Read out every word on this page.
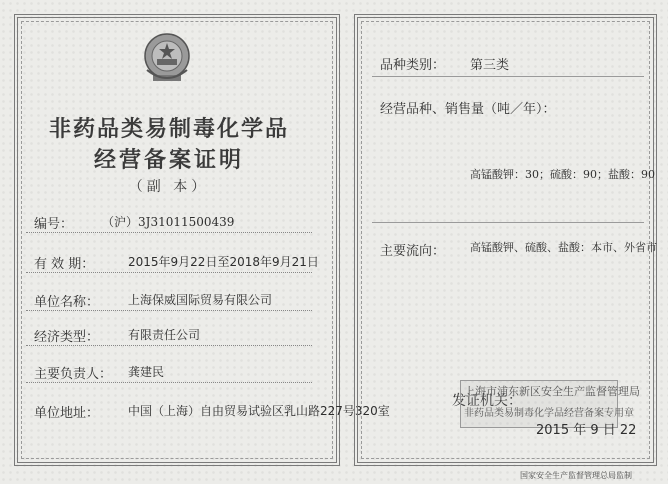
非药品类易制毒化学品
经营备案证明
（副 本）
编号： （沪）3J31011500439
有 效 期：	2015年9月22日至2018年9月21日
单位名称： 上海保威国际贸易有限公司
经济类型： 有限责任公司
主要负责人： 龚建民
单位地址： 中国（上海）自由贸易试验区乳山路227号320室
品种类别： 第三类
经营品种、销售量（吨／年）：
高锰酸钾：30；硫酸：90；盐酸：90
主要流向： 高锰酸钾、硫酸、盐酸：本市、外省市
发证机关：
上海市浦东新区安全生产监督管理局
非药品类易制毒化学品经营备案专用章
2015 年 9 日 22
国家安全生产监督管理总局监制
